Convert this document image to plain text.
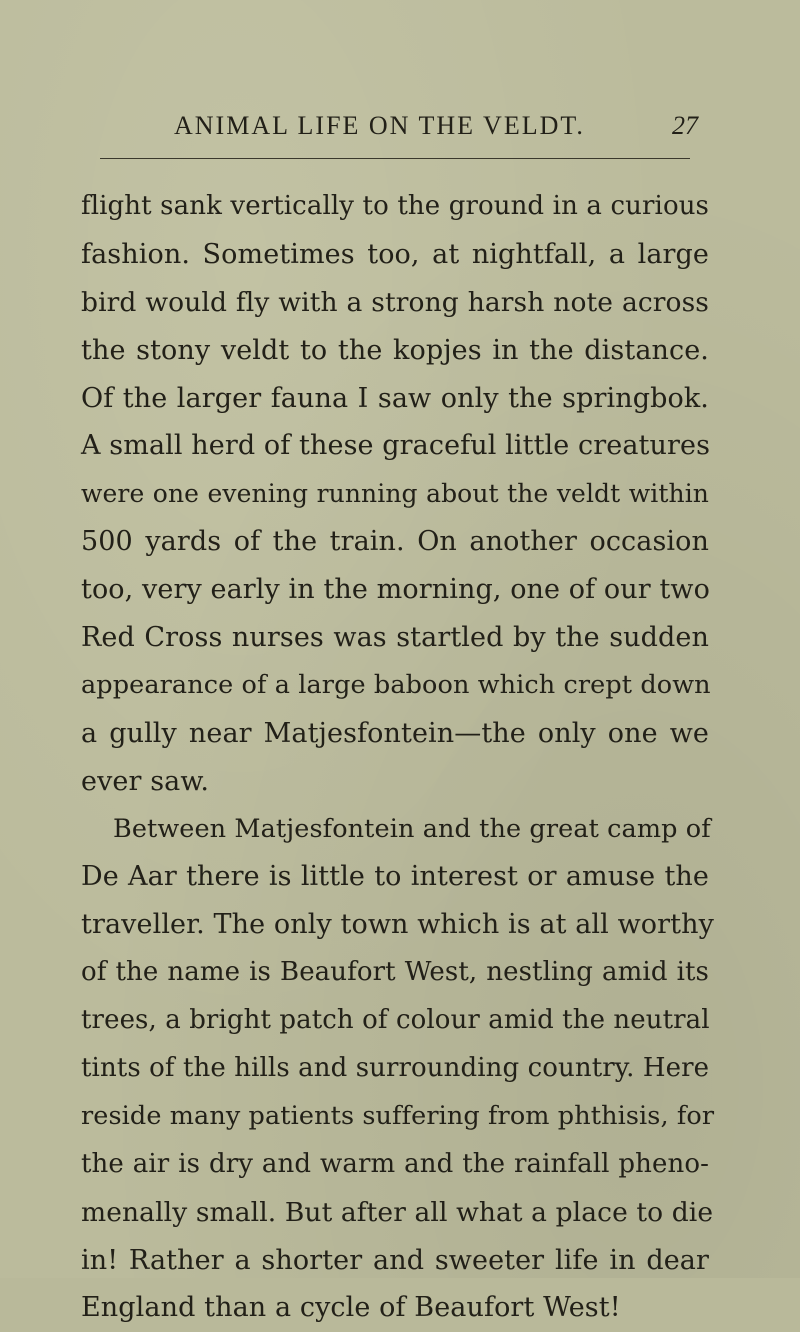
ANIMAL LIFE ON THE VELDT.	27
flight sank vertically to the ground in a curious
fashion. Sometimes too, at nightfall, a large
bird would fly with a strong harsh note across
the stony veldt to the kopjes in the distance.
Of the larger fauna I saw only the springbok.
A small herd of these graceful little creatures
were one evening running about the veldt within
500 yards of the train. On another occasion
too, very early in the morning, one of our two
Red Cross nurses was startled by the sudden
appearance of a large baboon which crept down
a gully near Matjesfontein—the only one we
ever saw.
Between Matjesfontein and the great camp of
De Aar there is little to interest or amuse the
traveller. The only town which is at all worthy
of the name is Beaufort West, nestling amid its
trees, a bright patch of colour amid the neutral
tints of the hills and surrounding country. Here
reside many patients suffering from phthisis, for
the air is dry and warm and the rainfall pheno-
menally small. But after all what a place to die
in! Rather a shorter and sweeter life in dear
England than a cycle of Beaufort West!
